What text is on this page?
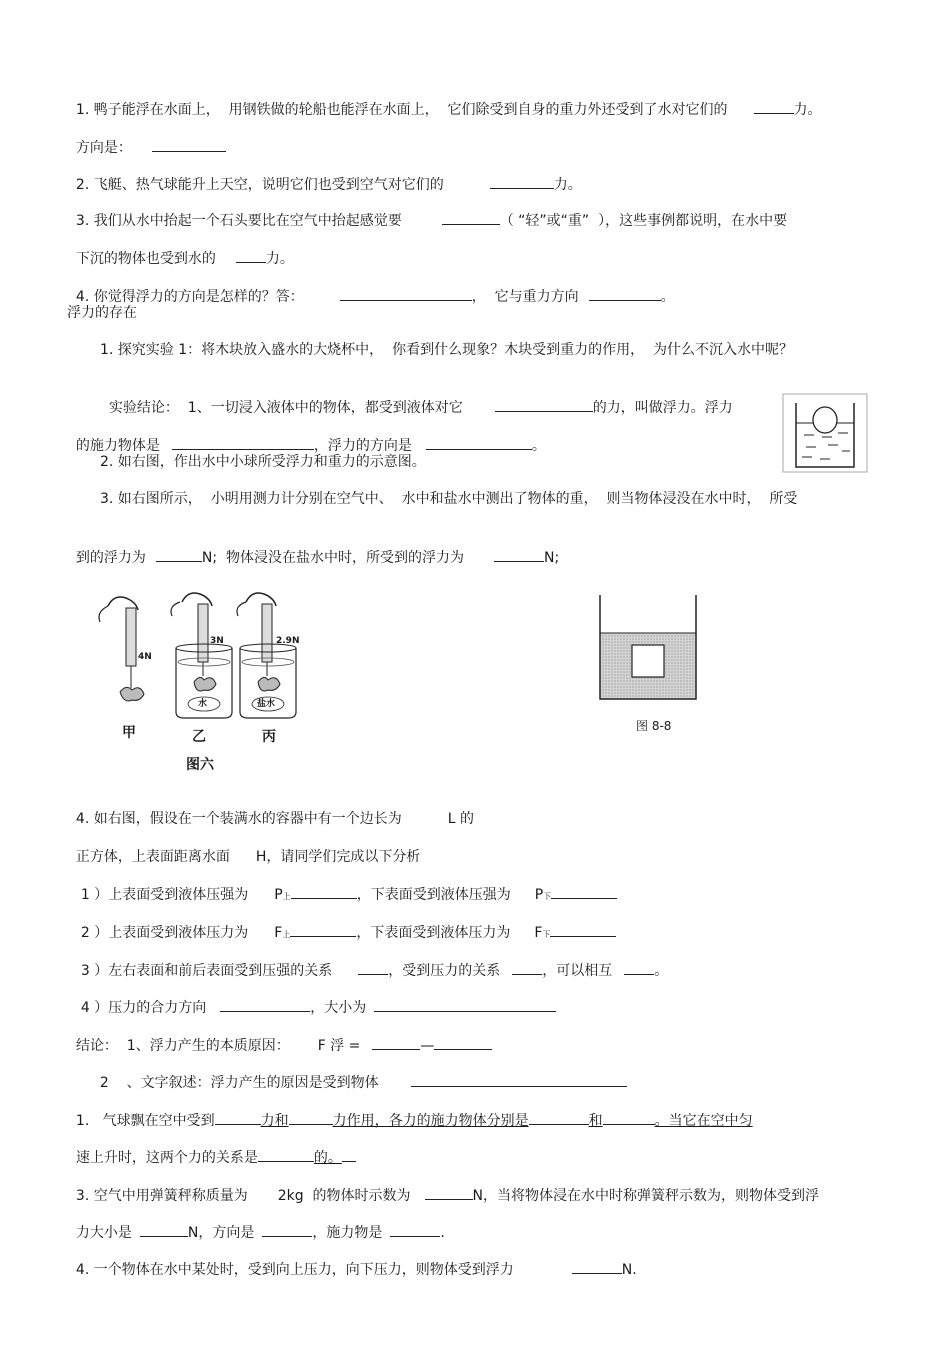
1. 鸭子能浮在水面上，  用钢铁做的轮船也能浮在水面上，  它们除受到自身的重力外还受到了水对它们的	力。

方向是：

2. 飞艇、热气球能升上天空，说明它们也受到空气对它们的	力。

3. 我们从水中抬起一个石头要比在空气中抬起感觉要	（ “轻”或“重”  ），这些事例都说明，在水中要

下沉的物体也受到水的	力。

4. 你觉得浮力的方向是怎样的？答：	，  它与重力方向	。

浮力的存在
1. 探究实验 1：将木块放入盛水的大烧杯中，  你看到什么现象？木块受到重力的作用，  为什么不沉入水中呢？

实验结论：  1、一切浸入液体中的物体，都受到液体对它	的力，叫做浮力。浮力

的施力物体是	，浮力的方向是	。

2. 如右图，作出水中小球所受浮力和重力的示意图。
3. 如右图所示，  小明用测力计分别在空气中、  水中和盐水中测出了物体的重，  则当物体浸没在水中时，  所受

到的浮力为	N;  物体浸没在盐水中时，所受到的浮力为	N;

4N
3N	2.9N
水	盐水
甲	乙	丙
图六
图 8-8

4. 如右图，假设在一个装满水的容器中有一个边长为	L 的

正方体，上表面距离水面 H，请同学们完成以下分析

1 ）上表面受到液体压强为 P上	，下表面受到液体压强为 P下

2 ）上表面受到液体压力为 F上	，下表面受到液体压力为 F下

3 ）左右表面和前后表面受到压强的关系	，受到压力的关系	，可以相互	。

4 ）压力的合力方向	，大小为

结论：  1、浮力产生的本质原因： F 浮 =	—

2    、文字叙述：浮力产生的原因是受到物体

1.   气球飘在空中受到	力和	力作用，各力的施力物体分别是	和	。当它在空中匀

速上升时，这两个力的关系是	的。

3. 空气中用弹簧秤称质量为 2kg  的物体时示数为	N，当将物体浸在水中时称弹簧秤示数为，则物体受到浮

力大小是	N，方向是	，施力物是	.

4. 一个物体在水中某处时，受到向上压力，向下压力，则物体受到浮力	N.
